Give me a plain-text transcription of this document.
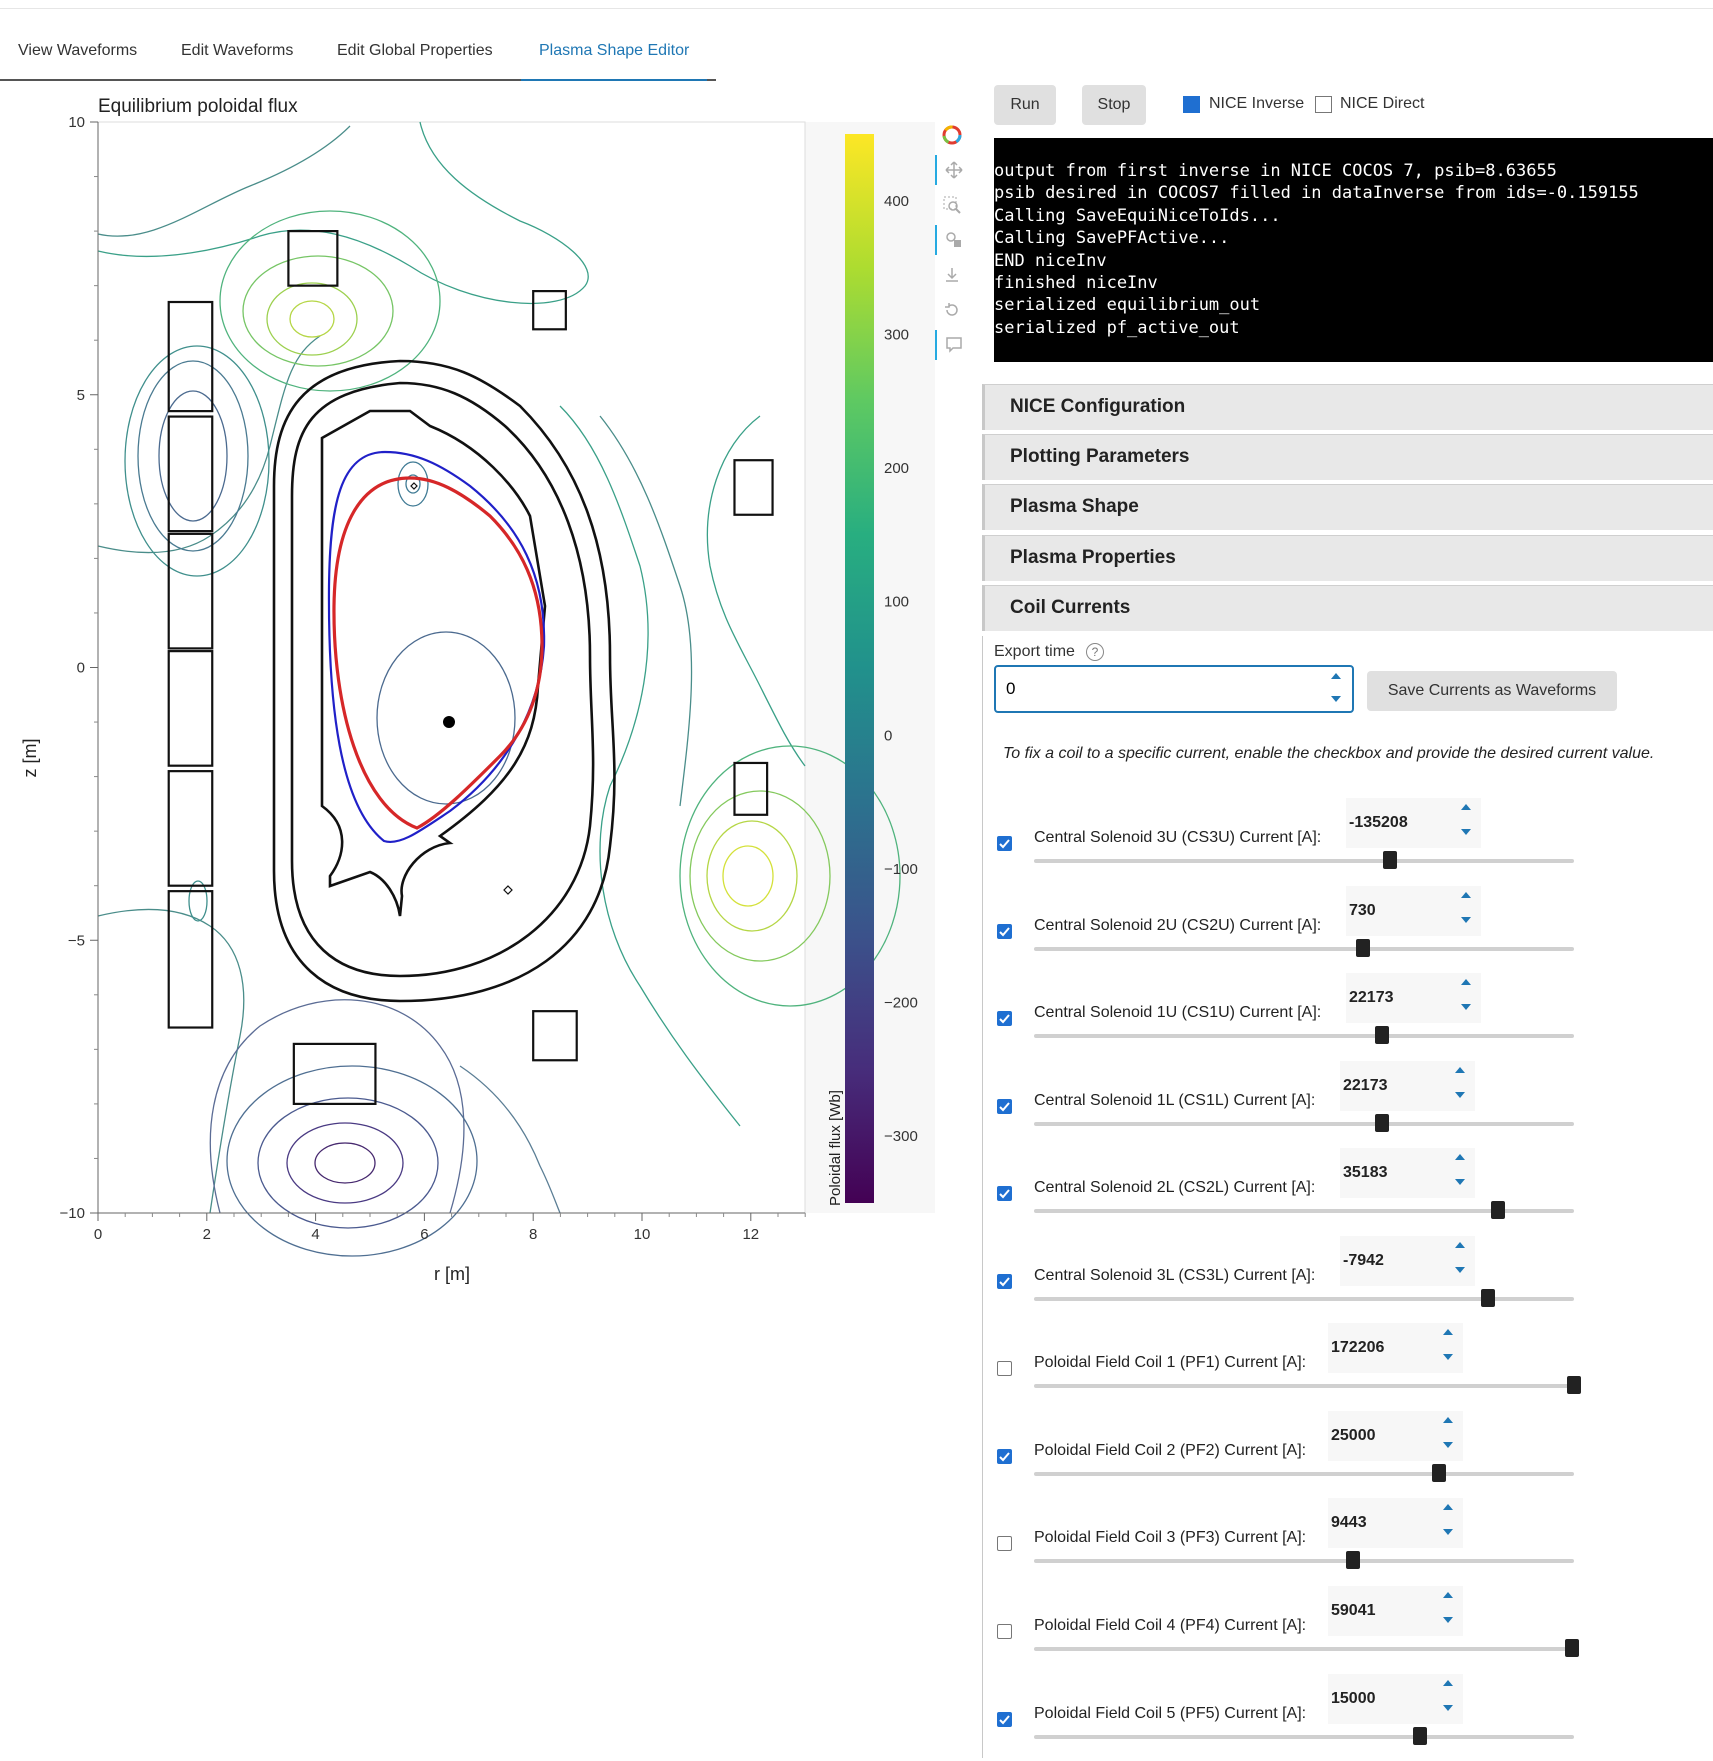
View Waveforms	Edit Waveforms	Edit Global Properties	Plasma Shape Editor
Equilibrium poloidal flux
0	2	4	6	8	10	12
10
5
0
−5
−10
400
300
200
100
0
−100
−200
−300
r [m]
z [m]
Poloidal flux [Wb]
Run	Stop	NICE Inverse NICE Direct
output from first inverse in NICE COCOS 7, psib=8.63655
psib desired in COCOS7 filled in dataInverse from ids=-0.159155
Calling SaveEquiNiceToIds...
Calling SavePFActive...
END niceInv
finished niceInv
serialized equilibrium_out
serialized pf_active_out
NICE Configuration
Plotting Parameters
Plasma Shape
Plasma Properties
Coil Currents
Export time	?
0
Save Currents as Waveforms
To fix a coil to a specific current, enable the checkbox and provide the desired current value.
Central Solenoid 3U (CS3U) Current [A]:
-135208
Central Solenoid 2U (CS2U) Current [A]:
730
Central Solenoid 1U (CS1U) Current [A]:
22173
Central Solenoid 1L (CS1L) Current [A]:
22173
Central Solenoid 2L (CS2L) Current [A]:
35183
Central Solenoid 3L (CS3L) Current [A]:
-7942
Poloidal Field Coil 1 (PF1) Current [A]:
172206
Poloidal Field Coil 2 (PF2) Current [A]:
25000
Poloidal Field Coil 3 (PF3) Current [A]:
9443
Poloidal Field Coil 4 (PF4) Current [A]:
59041
Poloidal Field Coil 5 (PF5) Current [A]:
15000
